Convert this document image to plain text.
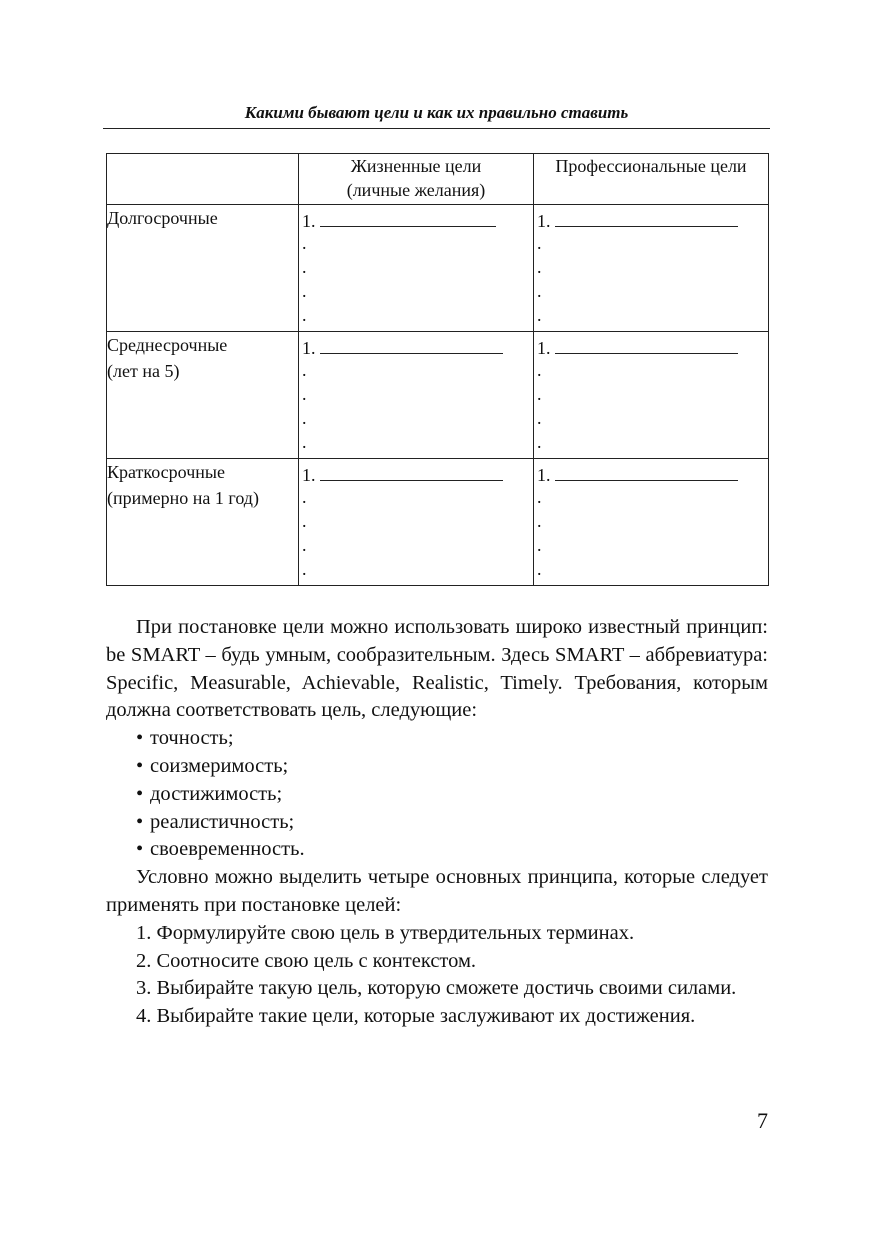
Какими бывают цели и как их правильно ставить

	Жизненные цели
(личные желания)	Профессиональные цели

Долгосрочные	1.
.
.
.
.	1.
.
.
.
.

Среднесрочные
(лет на 5)	1.
.
.
.
.	1.
.
.
.
.

Краткосрочные
(примерно на 1 год)	1.
.
.
.
.	1.
.
.
.
.

При постановке цели можно использовать широко известный принцип: be SMART – будь умным, сообразительным. Здесь SMART – аббревиатура: Specific, Measurable, Achievable, Realistic, Timely. Требования, которым должна соответствовать цель, следующие:

• точность;
• соизмеримость;
• достижимость;
• реалистичность;
• своевременность.

Условно можно выделить четыре основных принципа, которые следует применять при постановке целей:

1. Формулируйте свою цель в утвердительных терминах.
2. Соотносите свою цель с контекстом.
3. Выбирайте такую цель, которую сможете достичь своими силами.
4. Выбирайте такие цели, которые заслуживают их достижения.
7
